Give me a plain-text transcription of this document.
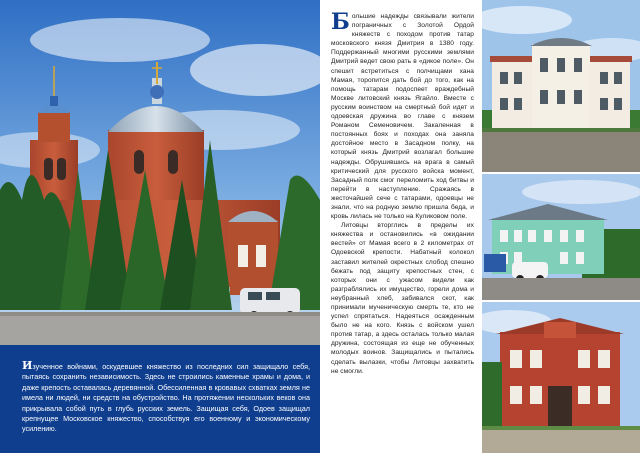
Изученное войнами, оскудевшее княжество из последних сил защищало себя, пытаясь сохранить независимость. Здесь не строились каменные храмы и дома, и даже крепость оставалась деревянной. Обессиленная в кровавых схватках земля не имела ни людей, ни средств на обустройство. На протяжении нескольких веков она прикрывала собой путь в глубь русских земель. Защищая себя, Одоев защищал крепнущее Московское княжество, способствуя его военному и экономическому усилению.

Большие надежды связывали жители пограничных с Золотой Ордой княжеств с походом против татар московского князя Дмитрия в 1380 году. Поддержанный многими русскими землями Дмитрий ведет свою рать в «дикое поле». Он спешит встретиться с полчищами хана Мамая, торопится дать бой до того, как на помощь татарам подоспеет враждебный Москве литовский князь Ягайло. Вместе с русским воинством на смертный бой идет и одоевская дружина во главе с князем Романом Семеновичем. Закаленная в постоянных боях и походах она заняла достойное место в Засадном полку, на который князь Дмитрий возлагал большие надежды. Обрушившись на врага в самый критический для русского войска момент, Засадный полк смог переломить ход битвы и перейти в наступление. Сражаясь в жесточайшей сече с татарами, одоевцы не знали, что на родную землю пришла беда, и кровь лилась не только на Куликовом поле.

Литовцы вторглись в пределы их княжества и остановились «в ожидании вестей» от Мамая всего в 2 километрах от Одоевской крепости. Набатный колокол заставил жителей окрестных слобод спешно бежать под защиту крепостных стен, с которых они с ужасом видели как разграблялись их имущество, горели дома и неубранный хлеб, забивался скот, как принимали мученическую смерть те, кто не успел спрятаться. Надеяться осажденным было не на кого. Князь с войском ушел против татар, а здесь осталась только малая дружина, состоящая из еще не обученных молодых воинов. Защищались и пытались сделать вылазки, чтобы Литовцы захватить не смогли.
